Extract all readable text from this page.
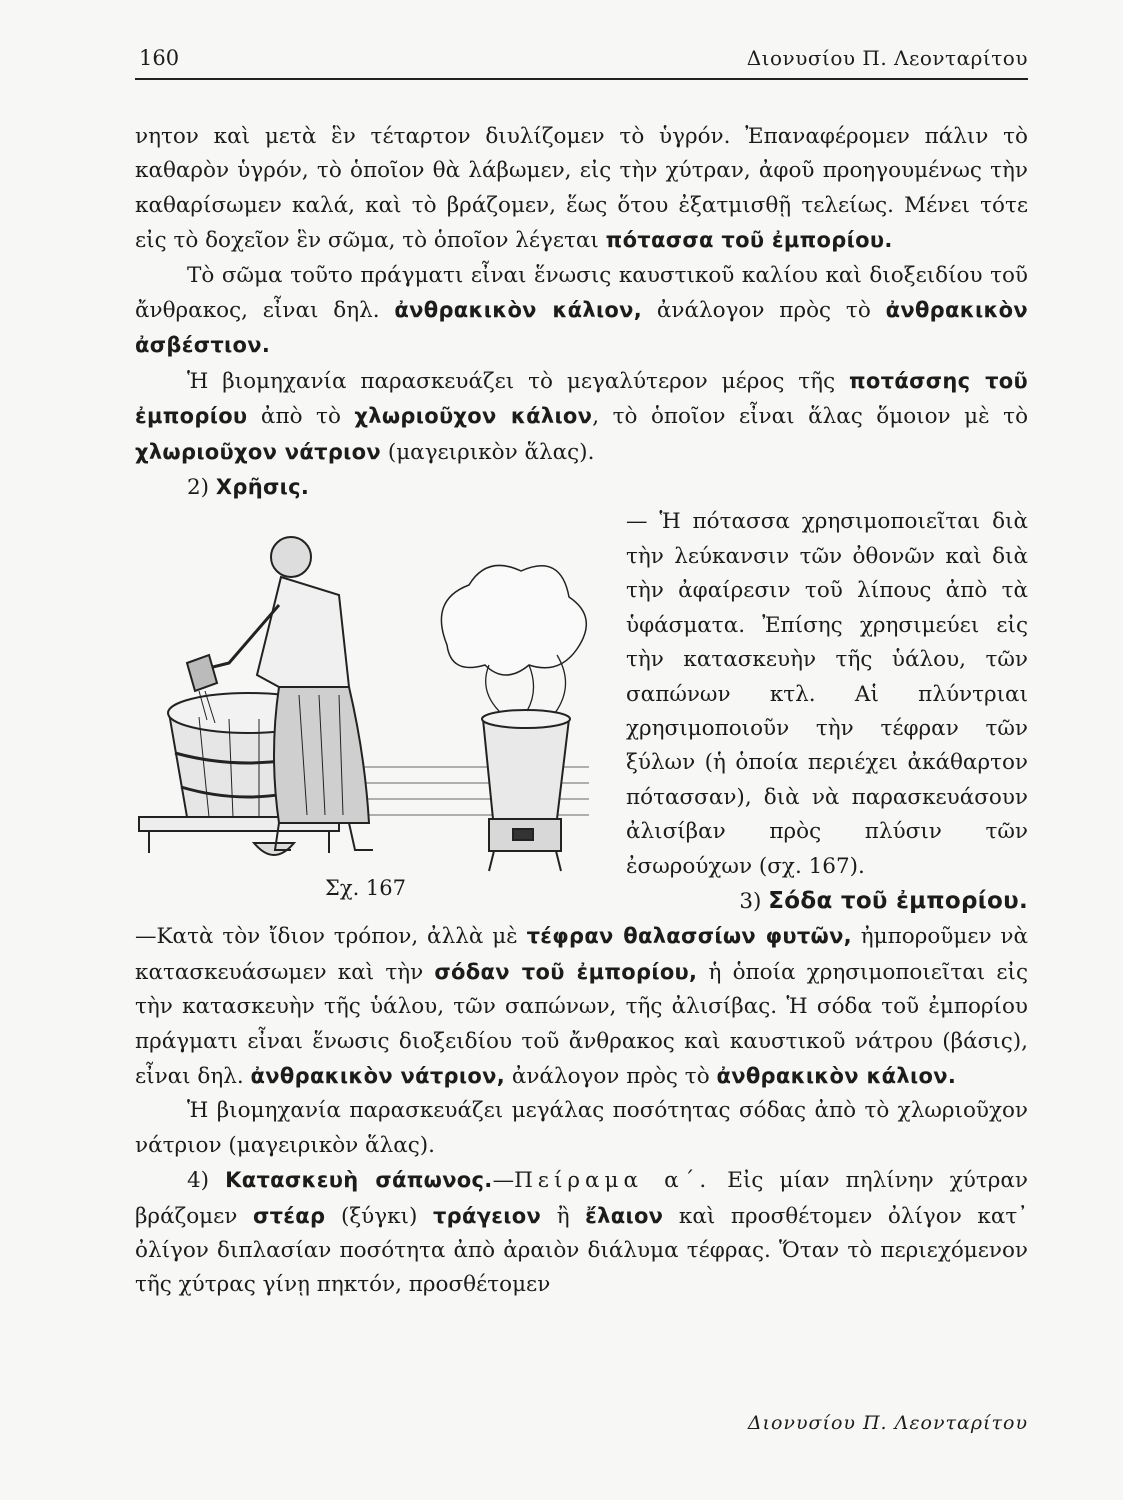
160	Διονυσίου Π. Λεονταρίτου

νητον καὶ μετὰ ἓν τέταρτον διυλίζομεν τὸ ὑγρόν. Ἐπαναφέρομεν πάλιν τὸ καθαρὸν ὑγρόν, τὸ ὁποῖον θὰ λάβωμεν, εἰς τὴν χύτραν, ἀφοῦ προηγουμένως τὴν καθαρίσωμεν καλά, καὶ τὸ βράζομεν, ἕως ὅτου ἐξατμισθῇ τελείως. Μένει τότε εἰς τὸ δοχεῖον ἓν σῶμα, τὸ ὁποῖον λέγεται πότασσα τοῦ ἐμπορίου.

Τὸ σῶμα τοῦτο πράγματι εἶναι ἕνωσις καυστικοῦ καλίου καὶ διοξειδίου τοῦ ἄνθρακος, εἶναι δηλ. ἀνθρακικὸν κάλιον, ἀνάλογον πρὸς τὸ ἀνθρακικὸν ἀσβέστιον.

Ἡ βιομηχανία παρασκευάζει τὸ μεγαλύτερον μέρος τῆς ποτάσσης τοῦ ἐμπορίου ἀπὸ τὸ χλωριοῦχον κάλιον, τὸ ὁποῖον εἶναι ἅλας ὅμοιον μὲ τὸ χλωριοῦχον νάτριον (μαγειρικὸν ἅλας).

2) Χρῆσις.

Σχ. 167

— Ἡ πότασσα χρησιμοποιεῖται διὰ τὴν λεύκανσιν τῶν ὀθονῶν καὶ διὰ τὴν ἀφαίρεσιν τοῦ λίπους ἀπὸ τὰ ὑφάσματα. Ἐπίσης χρησιμεύει εἰς τὴν κατασκευὴν τῆς ὑάλου, τῶν σαπώνων κτλ. Αἱ πλύντριαι χρησιμοποιοῦν τὴν τέφραν τῶν ξύλων (ἡ ὁποία περιέχει ἀκάθαρτον πότασσαν), διὰ νὰ παρασκευάσουν ἀλισίβαν πρὸς πλύσιν τῶν ἐσωρούχων (σχ. 167).

3) Σόδα τοῦ ἐμπορίου.

—Κατὰ τὸν ἴδιον τρόπον, ἀλλὰ μὲ τέφραν θαλασσίων φυτῶν, ἠμποροῦμεν νὰ κατασκευάσωμεν καὶ τὴν σόδαν τοῦ ἐμπορίου, ἡ ὁποία χρησιμοποιεῖται εἰς τὴν κατασκευὴν τῆς ὑάλου, τῶν σαπώνων, τῆς ἀλισίβας. Ἡ σόδα τοῦ ἐμπορίου πράγματι εἶναι ἕνωσις διοξειδίου τοῦ ἄνθρακος καὶ καυστικοῦ νάτρου (βάσις), εἶναι δηλ. ἀνθρακικὸν νάτριον, ἀνάλογον πρὸς τὸ ἀνθρακικὸν κάλιον.

Ἡ βιομηχανία παρασκευάζει μεγάλας ποσότητας σόδας ἀπὸ τὸ χλωριοῦχον νάτριον (μαγειρικὸν ἅλας).

4) Κατασκευὴ σάπωνος.—Πείραμα α΄. Εἰς μίαν πηλίνην χύτραν βράζομεν στέαρ (ξύγκι) τράγειον ἢ ἔλαιον καὶ προσθέτομεν ὀλίγον κατ᾿ ὀλίγον διπλασίαν ποσότητα ἀπὸ ἀραιὸν διάλυμα τέφρας. Ὅταν τὸ περιεχόμενον τῆς χύτρας γίνῃ πηκτόν, προσθέτομεν

Διονυσίου Π. Λεονταρίτου
